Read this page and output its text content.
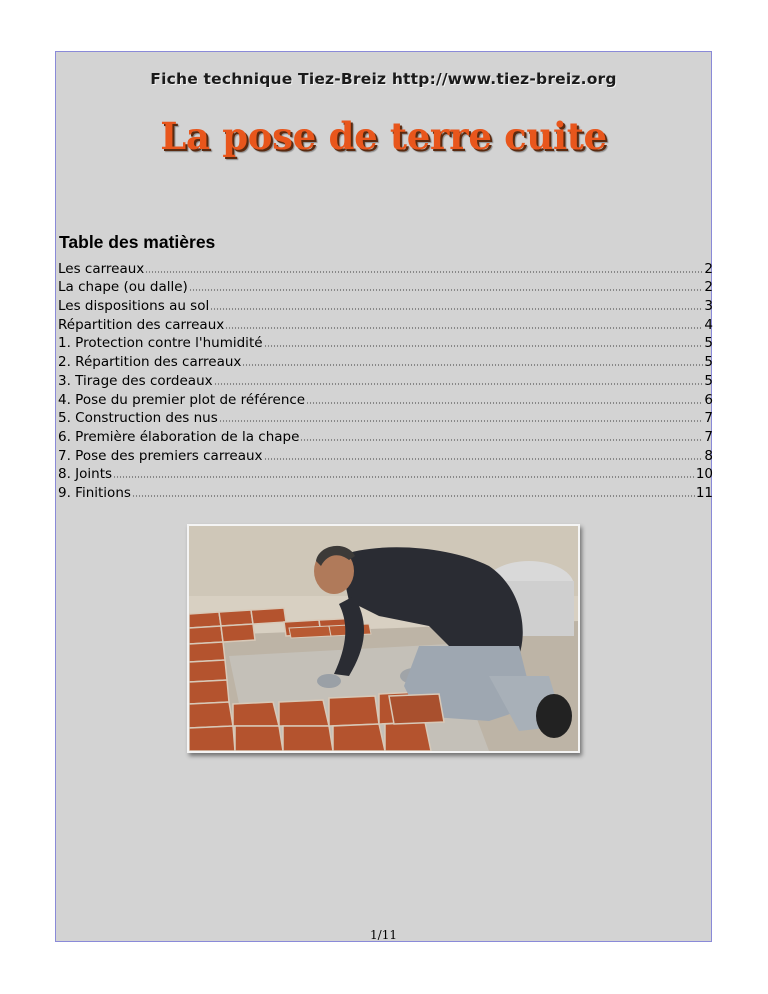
Fiche technique Tiez-Breiz http://www.tiez-breiz.org
La pose de terre cuite
Table des matières
Les carreaux	2
La chape (ou dalle)	2
Les dispositions au sol	3
Répartition des carreaux	4
1. Protection contre l'humidité	5
2. Répartition des carreaux	5
3. Tirage des cordeaux	5
4. Pose du premier plot de référence	6
5. Construction des nus	7
6. Première élaboration de la chape	7
7. Pose des premiers carreaux	8
8. Joints	10
9. Finitions	11
1/11
